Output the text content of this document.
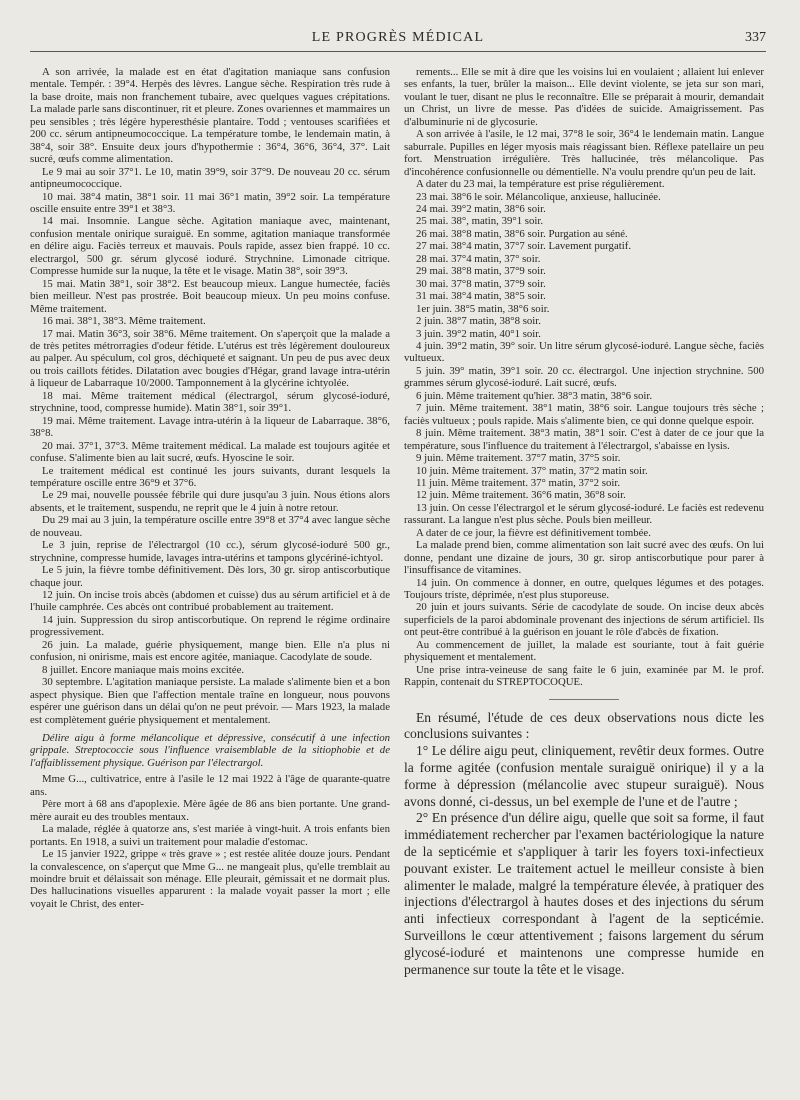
LE PROGRÈS MÉDICAL	337

A son arrivée, la malade est en état d'agitation maniaque sans confusion mentale. Tempér. : 39°4. Herpès des lèvres. Langue sèche. Respiration très rude à la base droite, mais non franchement tubaire, avec quelques vagues crépitations. La malade parle sans discontinuer, rit et pleure. Zones ovariennes et mammaires un peu sensibles ; très légère hyperesthésie plantaire. Todd ; ventouses scarifiées et 200 cc. sérum antipneumococcique. La température tombe, le lendemain matin, à 38°4, soir 38°. Ensuite deux jours d'hypothermie : 36°4, 36°6, 36°4, 37°. Lait sucré, œufs comme alimentation.

Le 9 mai au soir 37°1. Le 10, matin 39°9, soir 37°9. De nouveau 20 cc. sérum antipneumococcique.

10 mai. 38°4 matin, 38°1 soir. 11 mai 36°1 matin, 39°2 soir. La température oscille ensuite entre 39°1 et 38°3.

14 mai. Insomnie. Langue sèche. Agitation maniaque avec, maintenant, confusion mentale onirique suraiguë. En somme, agitation maniaque transformée en délire aigu. Faciès terreux et mauvais. Pouls rapide, assez bien frappé. 10 cc. electrargol, 500 gr. sérum glycosé ioduré. Strychnine. Limonade citrique. Compresse humide sur la nuque, la tête et le visage. Matin 38°, soir 39°3.

15 mai. Matin 38°1, soir 38°2. Est beaucoup mieux. Langue humectée, faciès bien meilleur. N'est pas prostrée. Boit beaucoup mieux. Un peu moins confuse. Même traitement.

16 mai. 38°1, 38°3. Même traitement.

17 mai. Matin 36°3, soir 38°6. Même traitement. On s'aperçoit que la malade a de très petites métrorragies d'odeur fétide. L'utérus est très légèrement douloureux au palper. Au spéculum, col gros, déchiqueté et saignant. Un peu de pus avec deux ou trois caillots fétides. Dilatation avec bougies d'Hégar, grand lavage intra-utérin à liqueur de Labarraque 10/2000. Tamponnement à la glycérine ichtyolée.

18 mai. Même traitement médical (électrargol, sérum glycosé-ioduré, strychnine, tood, compresse humide). Matin 38°1, soir 39°1.

19 mai. Même traitement. Lavage intra-utérin à la liqueur de Labarraque. 38°6, 38°8.

20 mai. 37°1, 37°3. Même traitement médical. La malade est toujours agitée et confuse. S'alimente bien au lait sucré, œufs. Hyoscine le soir.

Le traitement médical est continué les jours suivants, durant lesquels la température oscille entre 36°9 et 37°6.

Le 29 mai, nouvelle poussée fébrile qui dure jusqu'au 3 juin. Nous étions alors absents, et le traitement, suspendu, ne reprit que le 4 juin à notre retour.

Du 29 mai au 3 juin, la température oscille entre 39°8 et 37°4 avec langue sèche de nouveau.

Le 3 juin, reprise de l'électrargol (10 cc.), sérum glycosé-ioduré 500 gr., strychnine, compresse humide, lavages intra-utérins et tampons glycériné-ichtyol.

Le 5 juin, la fièvre tombe définitivement. Dès lors, 30 gr. sirop antiscorbutique chaque jour.

12 juin. On incise trois abcès (abdomen et cuisse) dus au sérum artificiel et à de l'huile camphrée. Ces abcès ont contribué probablement au traitement.

14 juin. Suppression du sirop antiscorbutique. On reprend le régime ordinaire progressivement.

26 juin. La malade, guérie physiquement, mange bien. Elle n'a plus ni confusion, ni onirisme, mais est encore agitée, maniaque. Cacodylate de soude.

8 juillet. Encore maniaque mais moins excitée.

30 septembre. L'agitation maniaque persiste. La malade s'alimente bien et a bon aspect physique. Bien que l'affection mentale traîne en longueur, nous pouvons espérer une guérison dans un délai qu'on ne peut prévoir. — Mars 1923, la malade est complètement guérie physiquement et mentalement.

Délire aigu à forme mélancolique et dépressive, consécutif à une infection grippale. Streptococcie sous l'influence vraisemblable de la sitiophobie et de l'affaiblissement physique. Guérison par l'électrargol.

Mme G..., cultivatrice, entre à l'asile le 12 mai 1922 à l'âge de quarante-quatre ans.

Père mort à 68 ans d'apoplexie. Mère âgée de 86 ans bien portante. Une grand-mère aurait eu des troubles mentaux.

La malade, réglée à quatorze ans, s'est mariée à vingt-huit. A trois enfants bien portants. En 1918, a suivi un traitement pour maladie d'estomac.

Le 15 janvier 1922, grippe « très grave » ; est restée alitée douze jours. Pendant la convalescence, on s'aperçut que Mme G... ne mangeait plus, qu'elle tremblait au moindre bruit et délaissait son ménage. Elle pleurait, gémissait et ne dormait plus. Des hallucinations visuelles apparurent : la malade voyait passer la mort ; elle voyait le Christ, des enter-

rements... Elle se mit à dire que les voisins lui en voulaient ; allaient lui enlever ses enfants, la tuer, brûler la maison... Elle devint violente, se jeta sur son mari, voulant le tuer, disant ne plus le reconnaître. Elle se préparait à mourir, demandait un Christ, un livre de messe. Pas d'idées de suicide. Amaigrissement. Pas d'albuminurie ni de glycosurie.

A son arrivée à l'asile, le 12 mai, 37°8 le soir, 36°4 le lendemain matin. Langue saburrale. Pupilles en léger myosis mais réagissant bien. Réflexe patellaire un peu fort. Menstruation irrégulière. Très hallucinée, très mélancolique. Pas d'incohérence confusionnelle ou démentielle. N'a voulu prendre qu'un peu de lait.

A dater du 23 mai, la température est prise régulièrement.

23 mai. 38°6 le soir. Mélancolique, anxieuse, hallucinée.

24 mai. 39°2 matin, 38°6 soir.

25 mai. 38°, matin, 39°1 soir.

26 mai. 38°8 matin, 38°6 soir. Purgation au séné.

27 mai. 38°4 matin, 37°7 soir. Lavement purgatif.

28 mai. 37°4 matin, 37° soir.

29 mai. 38°8 matin, 37°9 soir.

30 mai. 37°8 matin, 37°9 soir.

31 mai. 38°4 matin, 38°5 soir.

1er juin. 38°5 matin, 38°6 soir.

2 juin. 38°7 matin, 38°8 soir.

3 juin. 39°2 matin, 40°1 soir.

4 juin. 39°2 matin, 39° soir. Un litre sérum glycosé-ioduré. Langue sèche, faciès vultueux.

5 juin. 39° matin, 39°1 soir. 20 cc. électrargol. Une injection strychnine. 500 grammes sérum glycosé-ioduré. Lait sucré, œufs.

6 juin. Même traitement qu'hier. 38°3 matin, 38°6 soir.

7 juin. Même traitement. 38°1 matin, 38°6 soir. Langue toujours très sèche ; faciès vultueux ; pouls rapide. Mais s'alimente bien, ce qui donne quelque espoir.

8 juin. Même traitement. 38°3 matin, 38°1 soir. C'est à dater de ce jour que la température, sous l'influence du traitement à l'électrargol, s'abaisse en lysis.

9 juin. Même traitement. 37°7 matin, 37°5 soir.

10 juin. Même traitement. 37° matin, 37°2 matin soir.

11 juin. Même traitement. 37° matin, 37°2 soir.

12 juin. Même traitement. 36°6 matin, 36°8 soir.

13 juin. On cesse l'électrargol et le sérum glycosé-ioduré. Le faciès est redevenu rassurant. La langue n'est plus sèche. Pouls bien meilleur.

A dater de ce jour, la fièvre est définitivement tombée.

La malade prend bien, comme alimentation son lait sucré avec des œufs. On lui donne, pendant une dizaine de jours, 30 gr. sirop antiscorbutique pour parer à l'insuffisance de vitamines.

14 juin. On commence à donner, en outre, quelques légumes et des potages. Toujours triste, déprimée, n'est plus stuporeuse.

20 juin et jours suivants. Série de cacodylate de soude. On incise deux abcès superficiels de la paroi abdominale provenant des injections de sérum artificiel. Ils ont peut-être contribué à la guérison en jouant le rôle d'abcès de fixation.

Au commencement de juillet, la malade est souriante, tout à fait guérie physiquement et mentalement.

Une prise intra-veineuse de sang faite le 6 juin, examinée par M. le prof. Rappin, contenait du STREPTOCOQUE.

En résumé, l'étude de ces deux observations nous dicte les conclusions suivantes :

1° Le délire aigu peut, cliniquement, revêtir deux formes. Outre la forme agitée (confusion mentale suraiguë onirique) il y a la forme à dépression (mélancolie avec stupeur suraiguë). Nous avons donné, ci-dessus, un bel exemple de l'une et de l'autre ;

2° En présence d'un délire aigu, quelle que soit sa forme, il faut immédiatement rechercher par l'examen bactériologique la nature de la septicémie et s'appliquer à tarir les foyers toxi-infectieux pouvant exister. Le traitement actuel le meilleur consiste à bien alimenter le malade, malgré la température élevée, à pratiquer des injections d'électrargol à hautes doses et des injections du sérum anti infectieux correspondant à l'agent de la septicémie. Surveillons le cœur attentivement ; faisons largement du sérum glycosé-ioduré et maintenons une compresse humide en permanence sur toute la tête et le visage.
